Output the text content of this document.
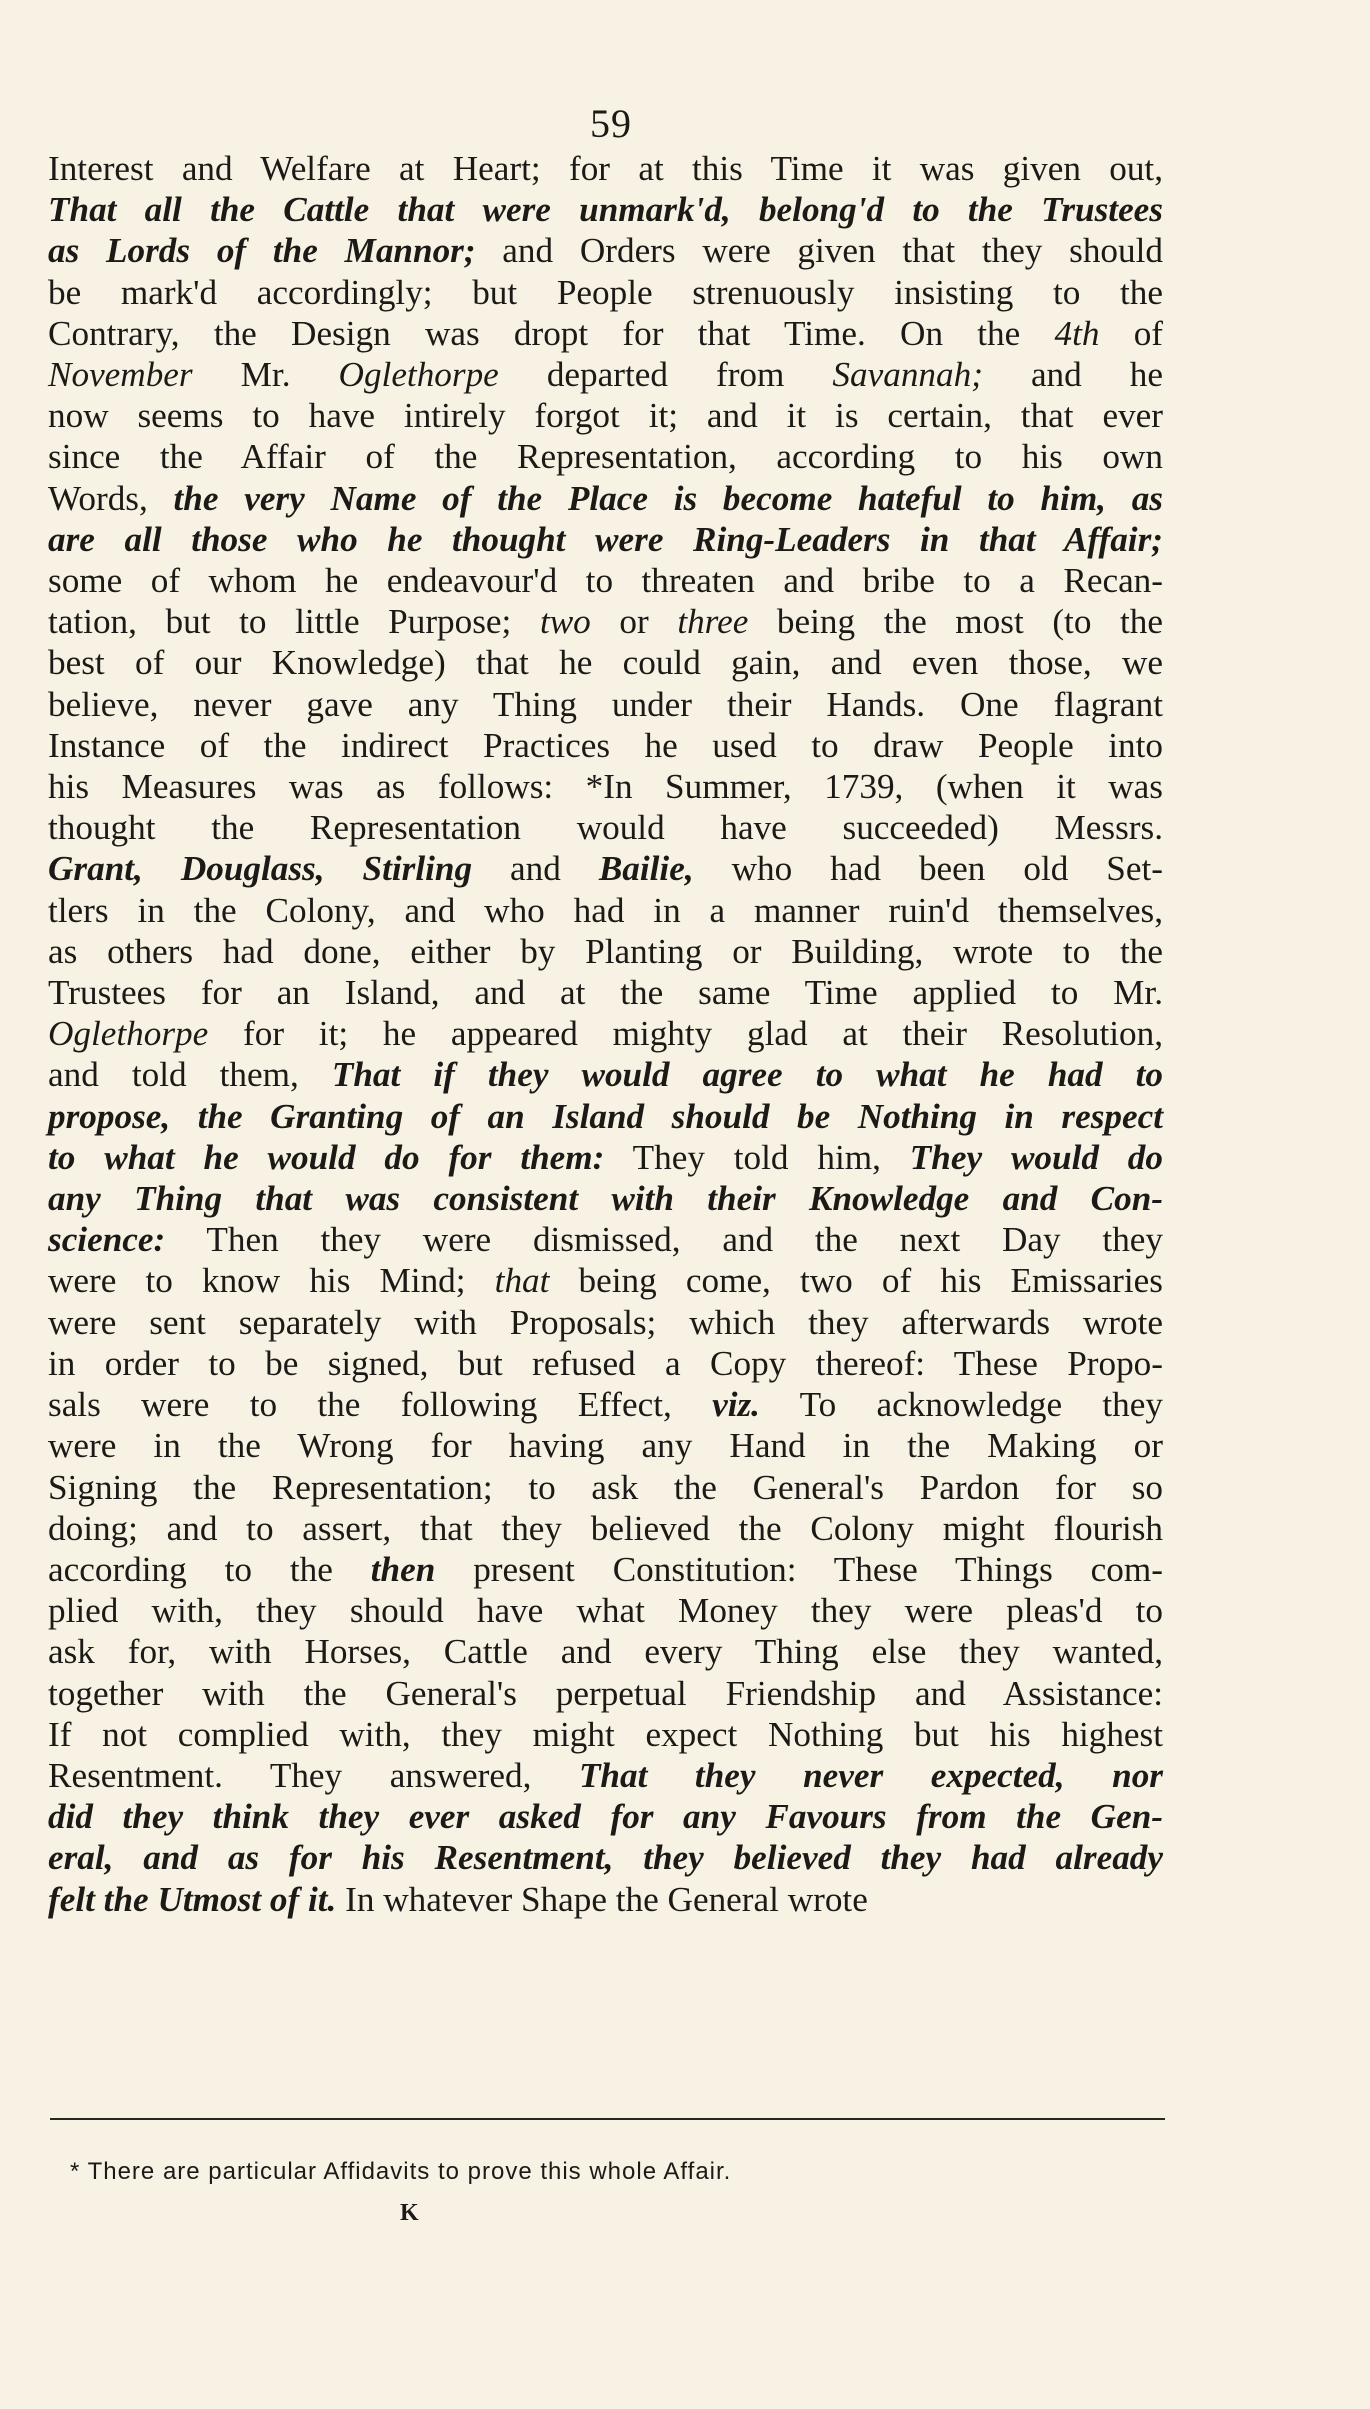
59
Interest and Welfare at Heart; for at this Time it was given out,
That all the Cattle that were unmark'd, belong'd to the Trustees
as Lords of the Mannor; and Orders were given that they should
be mark'd accordingly; but People strenuously insisting to the
Contrary, the Design was dropt for that Time. On the 4th of
November Mr. Oglethorpe departed from Savannah; and he
now seems to have intirely forgot it; and it is certain, that ever
since the Affair of the Representation, according to his own
Words, the very Name of the Place is become hateful to him, as
are all those who he thought were Ring-Leaders in that Affair;
some of whom he endeavour'd to threaten and bribe to a Recan-
tation, but to little Purpose; two or three being the most (to the
best of our Knowledge) that he could gain, and even those, we
believe, never gave any Thing under their Hands. One flagrant
Instance of the indirect Practices he used to draw People into
his Measures was as follows: *In Summer, 1739, (when it was
thought the Representation would have succeeded) Messrs.
Grant, Douglass, Stirling and Bailie, who had been old Set-
tlers in the Colony, and who had in a manner ruin'd themselves,
as others had done, either by Planting or Building, wrote to the
Trustees for an Island, and at the same Time applied to Mr.
Oglethorpe for it; he appeared mighty glad at their Resolution,
and told them, That if they would agree to what he had to
propose, the Granting of an Island should be Nothing in respect
to what he would do for them: They told him, They would do
any Thing that was consistent with their Knowledge and Con-
science: Then they were dismissed, and the next Day they
were to know his Mind; that being come, two of his Emissaries
were sent separately with Proposals; which they afterwards wrote
in order to be signed, but refused a Copy thereof: These Propo-
sals were to the following Effect, viz. To acknowledge they
were in the Wrong for having any Hand in the Making or
Signing the Representation; to ask the General's Pardon for so
doing; and to assert, that they believed the Colony might flourish
according to the then present Constitution: These Things com-
plied with, they should have what Money they were pleas'd to
ask for, with Horses, Cattle and every Thing else they wanted,
together with the General's perpetual Friendship and Assistance:
If not complied with, they might expect Nothing but his highest
Resentment. They answered, That they never expected, nor
did they think they ever asked for any Favours from the Gen-
eral, and as for his Resentment, they believed they had already
felt the Utmost of it. In whatever Shape the General wrote
* There are particular Affidavits to prove this whole Affair.
K
